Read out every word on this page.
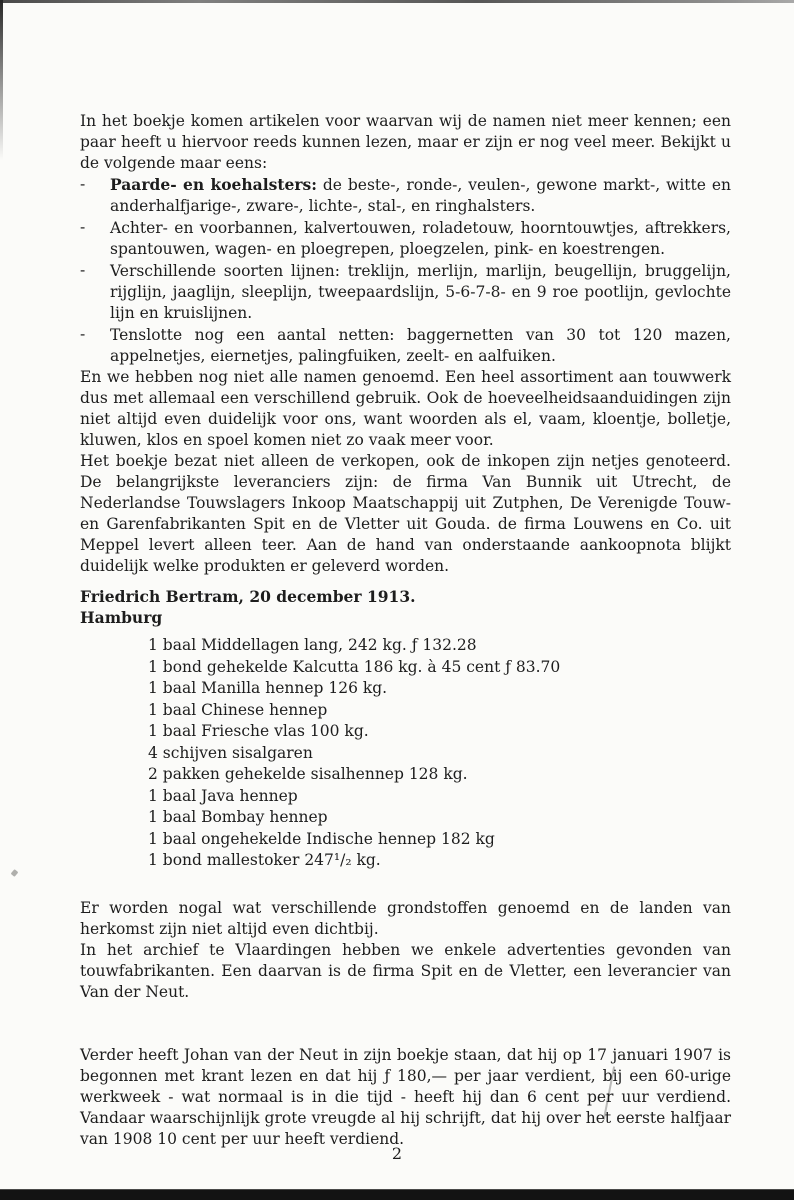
In het boekje komen artikelen voor waarvan wij de namen niet meer kennen; een paar heeft u hiervoor reeds kunnen lezen, maar er zijn er nog veel meer. Bekijkt u de volgende maar eens:

-	Paarde- en koehalsters: de beste-, ronde-, veulen-, gewone markt-, witte en anderhalfjarige-, zware-, lichte-, stal-, en ringhalsters.
-	Achter- en voorbannen, kalvertouwen, roladetouw, hoorntouwtjes, aftrekkers, spantouwen, wagen- en ploegrepen, ploegzelen, pink- en koestrengen.
-	Verschillende soorten lijnen: treklijn, merlijn, marlijn, beugellijn, bruggelijn, rijglijn, jaaglijn, sleeplijn, tweepaardslijn, 5-6-7-8- en 9 roe pootlijn, gevlochte lijn en kruislijnen.
-	Tenslotte nog een aantal netten: baggernetten van 30 tot 120 mazen, appelnetjes, eiernetjes, palingfuiken, zeelt- en aalfuiken.

En we hebben nog niet alle namen genoemd. Een heel assortiment aan touwwerk dus met allemaal een verschillend gebruik. Ook de hoeveelheidsaanduidingen zijn niet altijd even duidelijk voor ons, want woorden als el, vaam, kloentje, bolletje, kluwen, klos en spoel komen niet zo vaak meer voor.

Het boekje bezat niet alleen de verkopen, ook de inkopen zijn netjes genoteerd. De belangrijkste leveranciers zijn: de firma Van Bunnik uit Utrecht, de Nederlandse Touwslagers Inkoop Maatschappij uit Zutphen, De Verenigde Touw- en Garenfabrikanten Spit en de Vletter uit Gouda. de firma Louwens en Co. uit Meppel levert alleen teer. Aan de hand van onderstaande aankoopnota blijkt duidelijk welke produkten er geleverd worden.

Friedrich Bertram, 20 december 1913.
Hamburg
1 baal Middellagen lang, 242 kg. ƒ 132.28
1 bond gehekelde Kalcutta 186 kg. à 45 cent ƒ 83.70
1 baal Manilla hennep 126 kg.
1 baal Chinese hennep
1 baal Friesche vlas 100 kg.
4 schijven sisalgaren
2 pakken gehekelde sisalhennep 128 kg.
1 baal Java hennep
1 baal Bombay hennep
1 baal ongehekelde Indische hennep 182 kg
1 bond mallestoker 247¹/₂ kg.

Er worden nogal wat verschillende grondstoffen genoemd en de landen van herkomst zijn niet altijd even dichtbij.

In het archief te Vlaardingen hebben we enkele advertenties gevonden van touwfabrikanten. Een daarvan is de firma Spit en de Vletter, een leverancier van Van der Neut.

Verder heeft Johan van der Neut in zijn boekje staan, dat hij op 17 januari 1907 is begonnen met krant lezen en dat hij ƒ 180,— per jaar verdient, bij een 60-urige werkweek - wat normaal is in die tijd - heeft hij dan 6 cent per uur verdiend. Vandaar waarschijnlijk grote vreugde al hij schrijft, dat hij over het eerste halfjaar van 1908 10 cent per uur heeft verdiend.

2
